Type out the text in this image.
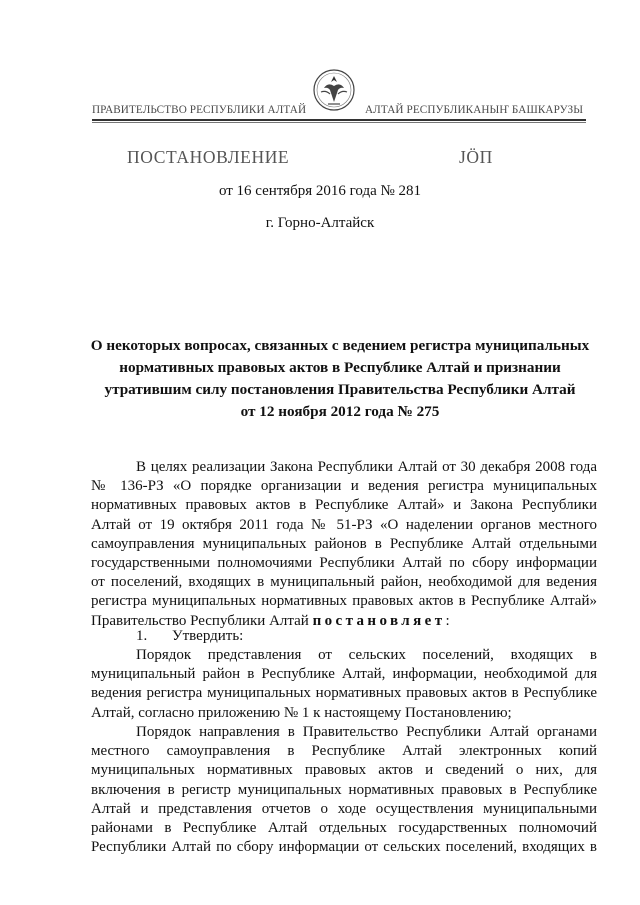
ПРАВИТЕЛЬСТВО РЕСПУБЛИКИ АЛТАЙ	АЛТАЙ РЕСПУБЛИКАНЫҤ БАШКАРУЗЫ
ПОСТАНОВЛЕНИЕ	JÖП
от 16 сентября 2016 года № 281
г. Горно-Алтайск
О некоторых вопросах, связанных с ведением регистра муниципальных
нормативных правовых актов в Республике Алтай и признании
утратившим силу постановления Правительства Республики Алтай
от 12 ноября 2012 года № 275
В целях реализации Закона Республики Алтай от 30 декабря 2008 года
№ 136-РЗ «О порядке организации и ведения регистра муниципальных
нормативных правовых актов в Республике Алтай» и Закона Республики
Алтай от 19 октября 2011 года № 51-РЗ «О наделении органов местного
самоуправления муниципальных районов в Республике Алтай отдельными
государственными полномочиями Республики Алтай по сбору информации
от поселений, входящих в муниципальный район, необходимой для ведения
регистра муниципальных нормативных правовых актов в Республике Алтай»
Правительство Республики Алтай постановляет:
1. Утвердить:
Порядок представления от сельских поселений, входящих в
муниципальный район в Республике Алтай, информации, необходимой для
ведения регистра муниципальных нормативных правовых актов в Республике
Алтай, согласно приложению № 1 к настоящему Постановлению;
Порядок направления в Правительство Республики Алтай органами
местного самоуправления в Республике Алтай электронных копий
муниципальных нормативных правовых актов и сведений о них, для
включения в регистр муниципальных нормативных правовых в Республике
Алтай и представления отчетов о ходе осуществления муниципальными
районами в Республике Алтай отдельных государственных полномочий
Республики Алтай по сбору информации от сельских поселений, входящих в
